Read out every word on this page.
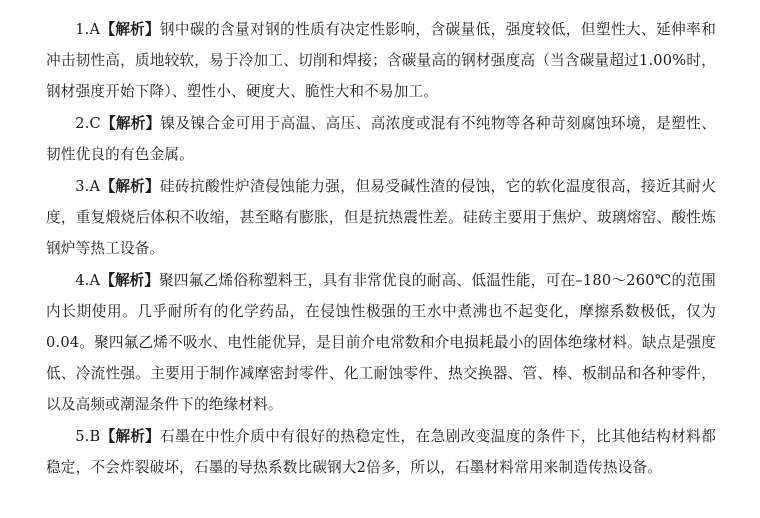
1.A【解析】钢中碳的含量对钢的性质有决定性影响，含碳量低，强度较低，但塑性大、延伸率和冲击韧性高，质地较软，易于冷加工、切削和焊接；含碳量高的钢材强度高（当含碳量超过1.00%时，钢材强度开始下降）、塑性小、硬度大、脆性大和不易加工。

2.C【解析】镍及镍合金可用于高温、高压、高浓度或混有不纯物等各种苛刻腐蚀环境，是塑性、韧性优良的有色金属。

3.A【解析】硅砖抗酸性炉渣侵蚀能力强，但易受碱性渣的侵蚀，它的软化温度很高，接近其耐火度，重复煅烧后体积不收缩，甚至略有膨胀，但是抗热震性差。硅砖主要用于焦炉、玻璃熔窑、酸性炼钢炉等热工设备。

4.A【解析】聚四氟乙烯俗称塑料王，具有非常优良的耐高、低温性能，可在–180～260℃的范围内长期使用。几乎耐所有的化学药品，在侵蚀性极强的王水中煮沸也不起变化，摩擦系数极低，仅为0.04。聚四氟乙烯不吸水、电性能优异，是目前介电常数和介电损耗最小的固体绝缘材料。缺点是强度低、冷流性强。主要用于制作减摩密封零件、化工耐蚀零件、热交换器、管、棒、板制品和各种零件，以及高频或潮湿条件下的绝缘材料。

5.B【解析】石墨在中性介质中有很好的热稳定性，在急剧改变温度的条件下，比其他结构材料都稳定，不会炸裂破坏，石墨的导热系数比碳钢大2倍多，所以，石墨材料常用来制造传热设备。
